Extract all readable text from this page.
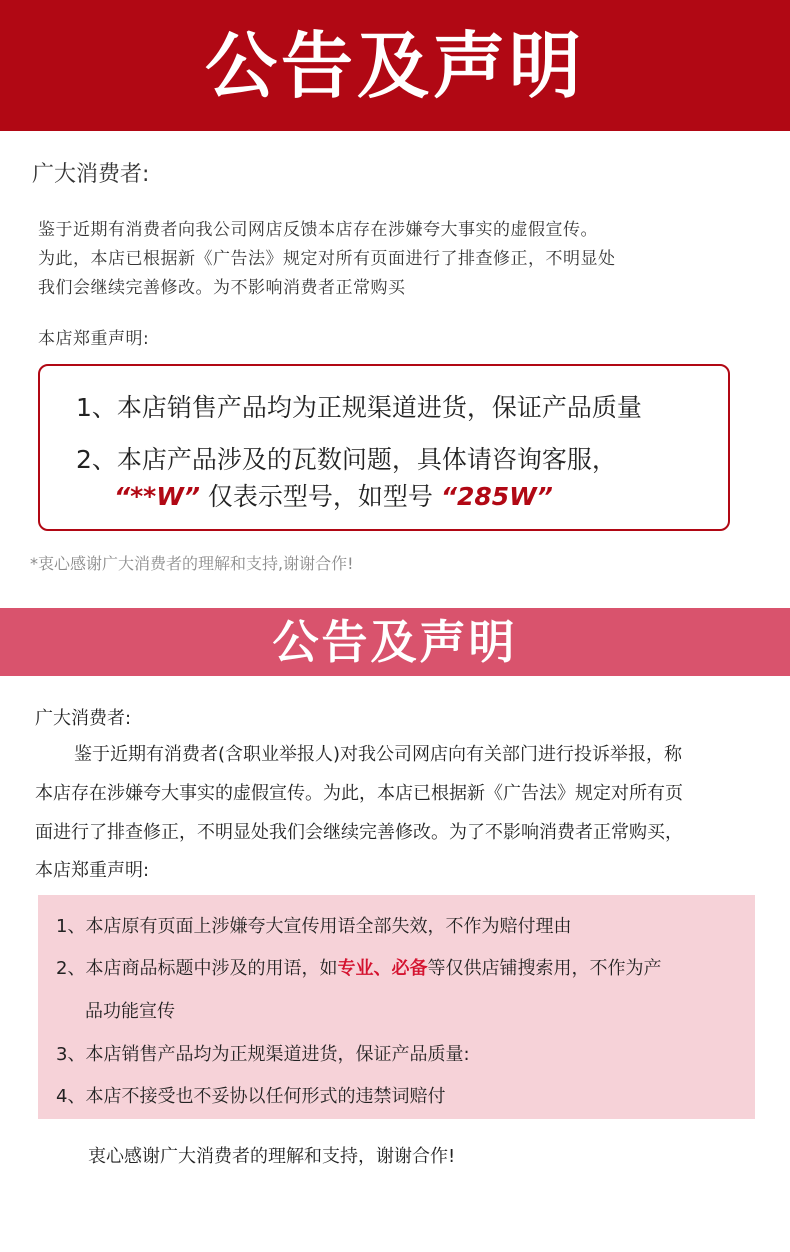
公告及声明
广大消费者:
鉴于近期有消费者向我公司网店反馈本店存在涉嫌夸大事实的虚假宣传。
为此，本店已根据新《广告法》规定对所有页面进行了排查修正，不明显处
我们会继续完善修改。为不影响消费者正常购买
本店郑重声明:
1、本店销售产品均为正规渠道进货，保证产品质量
2、本店产品涉及的瓦数问题，具体请咨询客服，
“**W” 仅表示型号，如型号 “285W”
*衷心感谢广大消费者的理解和支持,谢谢合作!
公告及声明
广大消费者:
鉴于近期有消费者(含职业举报人)对我公司网店向有关部门进行投诉举报，称
本店存在涉嫌夸大事实的虚假宣传。为此，本店已根据新《广告法》规定对所有页
面进行了排查修正，不明显处我们会继续完善修改。为了不影响消费者正常购买，
本店郑重声明:
1、本店原有页面上涉嫌夸大宣传用语全部失效，不作为赔付理由
2、本店商品标题中涉及的用语，如专业、必备等仅供店铺搜索用，不作为产
品功能宣传
3、本店销售产品均为正规渠道进货，保证产品质量:
4、本店不接受也不妥协以任何形式的违禁词赔付
衷心感谢广大消费者的理解和支持，谢谢合作!
